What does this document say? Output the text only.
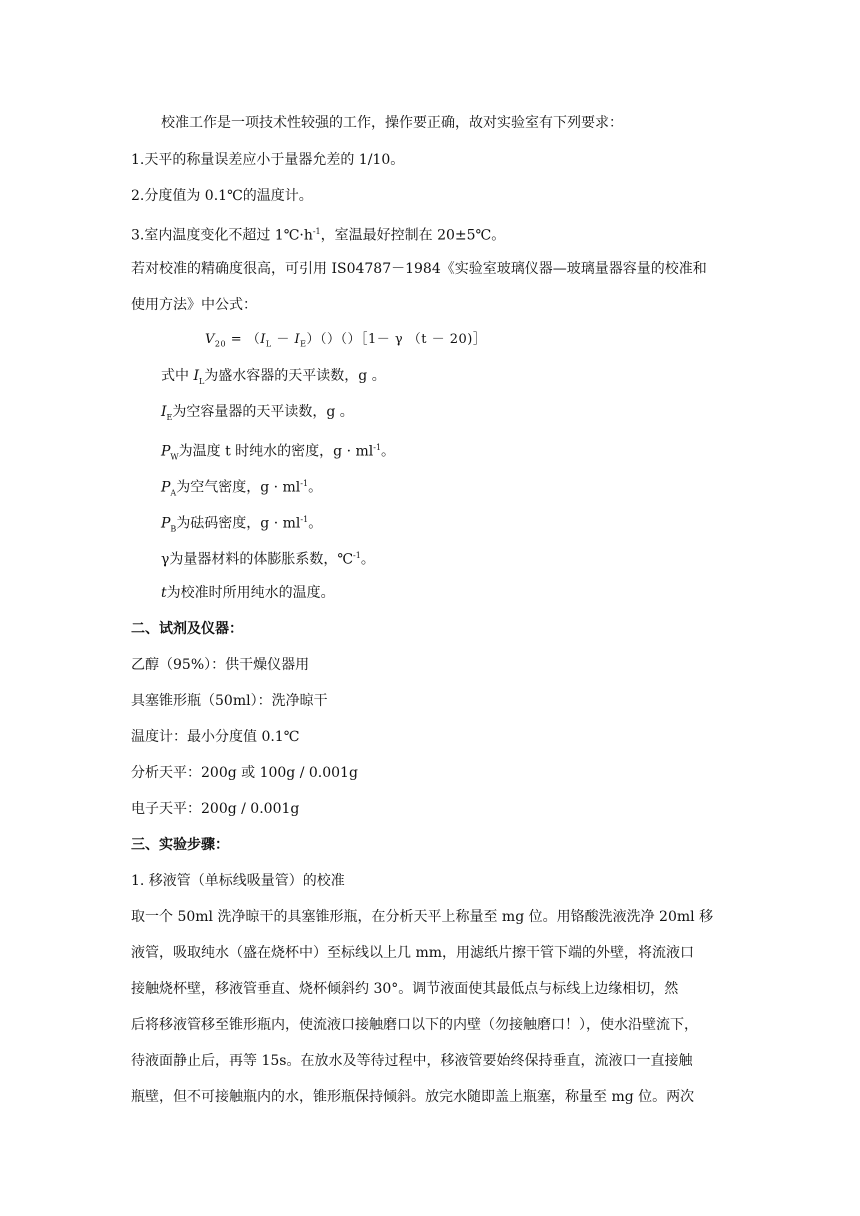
校准工作是一项技术性较强的工作，操作要正确，故对实验室有下列要求：
1.天平的称量误差应小于量器允差的 1/10。
2.分度值为 0.1℃的温度计。
3.室内温度变化不超过 $1℃\cdot h^{-1}$，室温最好控制在 20±5℃。
若对校准的精确度很高，可引用 IS04787－1984《实验室玻璃仪器—玻璃量器容量的校准和
使用方法》中公式：
$V_{20} = (I_L$ － $I_E)()()[1- \gamma$ （t － 20)］
式中 $I_L$为盛水容器的天平读数，g 。
$I_E$为空容量器的天平读数，g 。
$P_W$为温度 t 时纯水的密度，$g \cdot ml^{-1}$。
$P_A$为空气密度，$g \cdot ml^{-1}$。
$P_B$为砝码密度，$g \cdot ml^{-1}$。
γ为量器材料的体膨胀系数，℃$^{-1}$。
t为校准时所用纯水的温度。
二、试剂及仪器：
乙醇（95%）：供干燥仪器用
具塞锥形瓶（50ml）：洗净晾干
温度计：最小分度值 0.1℃
分析天平：200g 或 100g / 0.001g
电子天平：200g / 0.001g
三、实验步骤：
1. 移液管（单标线吸量管）的校准
取一个 50ml 洗净晾干的具塞锥形瓶，在分析天平上称量至 mg 位。用铬酸洗液洗净 20ml 移
液管，吸取纯水（盛在烧杯中）至标线以上几 mm，用滤纸片擦干管下端的外壁，将流液口
接触烧杯壁，移液管垂直、烧杯倾斜约 30°。调节液面使其最低点与标线上边缘相切，然
后将移液管移至锥形瓶内，使流液口接触磨口以下的内壁（勿接触磨口！），使水沿壁流下，
待液面静止后，再等 15s。在放水及等待过程中，移液管要始终保持垂直，流液口一直接触
瓶壁，但不可接触瓶内的水，锥形瓶保持倾斜。放完水随即盖上瓶塞，称量至 mg 位。两次
